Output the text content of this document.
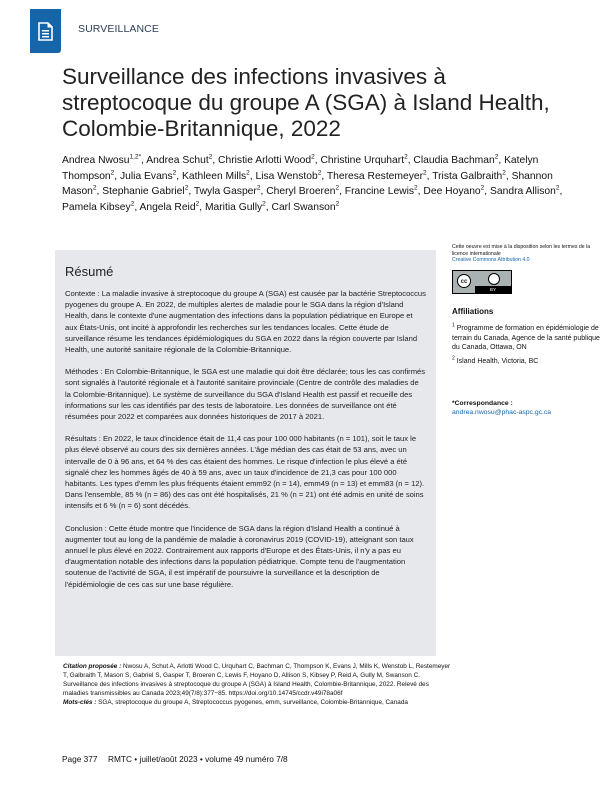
SURVEILLANCE
Surveillance des infections invasives à streptocoque du groupe A (SGA) à Island Health, Colombie-Britannique, 2022
Andrea Nwosu$^{1,2*}$, Andrea Schut$^2$, Christie Arlotti Wood$^2$, Christine Urquhart$^2$, Claudia Bachman$^2$, Katelyn Thompson$^2$, Julia Evans$^2$, Kathleen Mills$^2$, Lisa Wenstob$^2$, Theresa Restemeyer$^2$, Trista Galbraith$^2$, Shannon Mason$^2$, Stephanie Gabriel$^2$, Twyla Gasper$^2$, Cheryl Broeren$^2$, Francine Lewis$^2$, Dee Hoyano$^2$, Sandra Allison$^2$, Pamela Kibsey$^2$, Angela Reid$^2$, Maritia Gully$^2$, Carl Swanson$^2$
Résumé

Contexte : La maladie invasive à streptocoque du groupe A (SGA) est causée par la bactérie Streptococcus pyogenes du groupe A. En 2022, de multiples alertes de maladie pour le SGA dans la région d'Island Health, dans le contexte d'une augmentation des infections dans la population pédiatrique en Europe et aux États-Unis, ont incité à approfondir les recherches sur les tendances locales. Cette étude de surveillance résume les tendances épidémiologiques du SGA en 2022 dans la région couverte par Island Health, une autorité sanitaire régionale de la Colombie-Britannique.

Méthodes : En Colombie-Britannique, le SGA est une maladie qui doit être déclarée; tous les cas confirmés sont signalés à l'autorité régionale et à l'autorité sanitaire provinciale (Centre de contrôle des maladies de la Colombie-Britannique). Le système de surveillance du SGA d'Island Health est passif et recueille des informations sur les cas identifiés par des tests de laboratoire. Les données de surveillance ont été résumées pour 2022 et comparées aux données historiques de 2017 à 2021.

Résultats : En 2022, le taux d'incidence était de 11,4 cas pour 100 000 habitants (n = 101), soit le taux le plus élevé observé au cours des six dernières années. L'âge médian des cas était de 53 ans, avec un intervalle de 0 à 96 ans, et 64 % des cas étaient des hommes. Le risque d'infection le plus élevé a été signalé chez les hommes âgés de 40 à 59 ans, avec un taux d'incidence de 21,3 cas pour 100 000 habitants. Les types d'emm les plus fréquents étaient emm92 (n = 14), emm49 (n = 13) et emm83 (n = 12). Dans l'ensemble, 85 % (n = 86) des cas ont été hospitalisés, 21 % (n = 21) ont été admis en unité de soins intensifs et 6 % (n = 6) sont décédés.

Conclusion : Cette étude montre que l'incidence de SGA dans la région d'Island Health a continué à augmenter tout au long de la pandémie de maladie à coronavirus 2019 (COVID-19), atteignant son taux annuel le plus élevé en 2022. Contrairement aux rapports d'Europe et des États-Unis, il n'y a pas eu d'augmentation notable des infections dans la population pédiatrique. Compte tenu de l'augmentation soutenue de l'activité de SGA, il est impératif de poursuivre la surveillance et la description de l'épidémiologie de ces cas sur une base régulière.

Cette oeuvre est mise à la disposition selon les termes de la licence internationale
Creative Commons Attribution 4.0
cc
BY
Affiliations
$^1$ Programme de formation en épidémiologie de terrain du Canada, Agence de la santé publique du Canada, Ottawa, ON
$^2$ Island Health, Victoria, BC
*Correspondance :
andrea.nwosu@phac-aspc.gc.ca
Citation proposée : Nwosu A, Schut A, Arlotti Wood C, Urquhart C, Bachman C, Thompson K, Evans J, Mills K, Wenstob L, Restemeyer T, Galbraith T, Mason S, Gabriel S, Gasper T, Broeren C, Lewis F, Hoyano D, Allison S, Kibsey P, Reid A, Gully M, Swanson C. Surveillance des infections invasives à streptocoque du groupe A (SGA) à Island Health, Colombie-Britannique, 2022. Relevé des maladies transmissibles au Canada 2023;49(7/8):377−85. https://doi.org/10.14745/ccdr.v49i78a06f
Mots-clés : SGA, streptocoque du groupe A, Streptococcus pyogenes, emm, surveillance, Colombie-Britannique, Canada
Page 377 RMTC • juillet/août 2023 • volume 49 numéro 7/8
